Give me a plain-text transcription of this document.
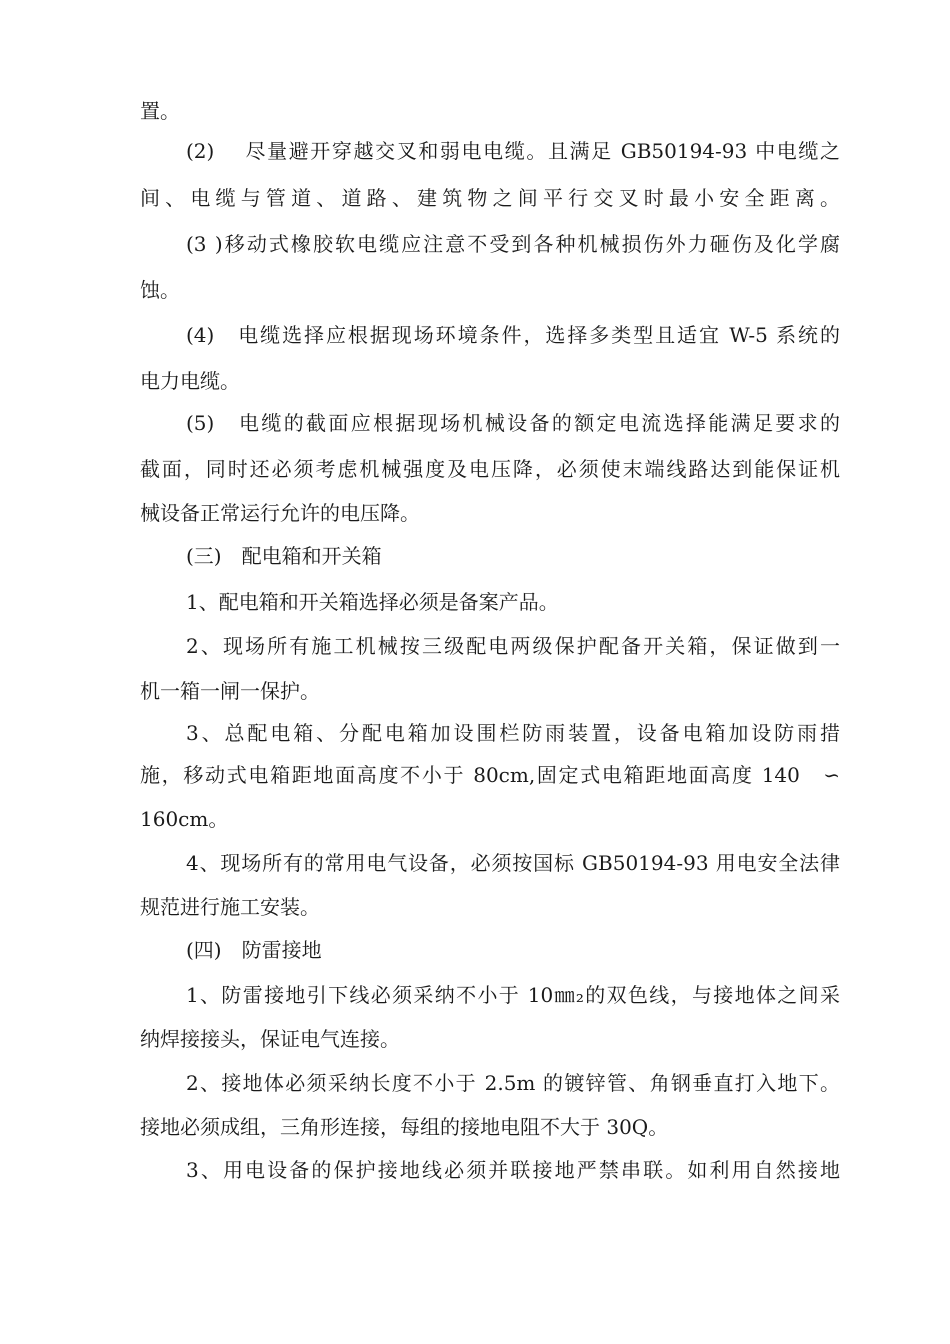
置。
(2)　 尽量避开穿越交叉和弱电电缆。且满足 GB50194-93 中电缆之
间、电缆与管道、道路、建筑物之间平行交叉时最小安全距离。
(3 )移动式橡胶软电缆应注意不受到各种机械损伤外力砸伤及化学腐
蚀。
(4)　电缆选择应根据现场环境条件，选择多类型且适宜 W-5 系统的
电力电缆。
(5)　电缆的截面应根据现场机械设备的额定电流选择能满足要求的
截面，同时还必须考虑机械强度及电压降，必须使末端线路达到能保证机
械设备正常运行允许的电压降。
(三)　配电箱和开关箱
1、配电箱和开关箱选择必须是备案产品。
2、现场所有施工机械按三级配电两级保护配备开关箱，保证做到一
机一箱一闸一保护。
3、总配电箱、分配电箱加设围栏防雨装置，设备电箱加设防雨措
施，移动式电箱距地面高度不小于 80cm,固定式电箱距地面高度 140　∽
160cm。
4、现场所有的常用电气设备，必须按国标 GB50194-93 用电安全法律
规范进行施工安装。
(四)　防雷接地
1、防雷接地引下线必须采纳不小于 10㎜₂的双色线，与接地体之间采
纳焊接接头，保证电气连接。
2、接地体必须采纳长度不小于 2.5m 的镀锌管、角钢垂直打入地下。
接地必须成组，三角形连接，每组的接地电阻不大于 30Q。
3、用电设备的保护接地线必须并联接地严禁串联。如利用自然接地
